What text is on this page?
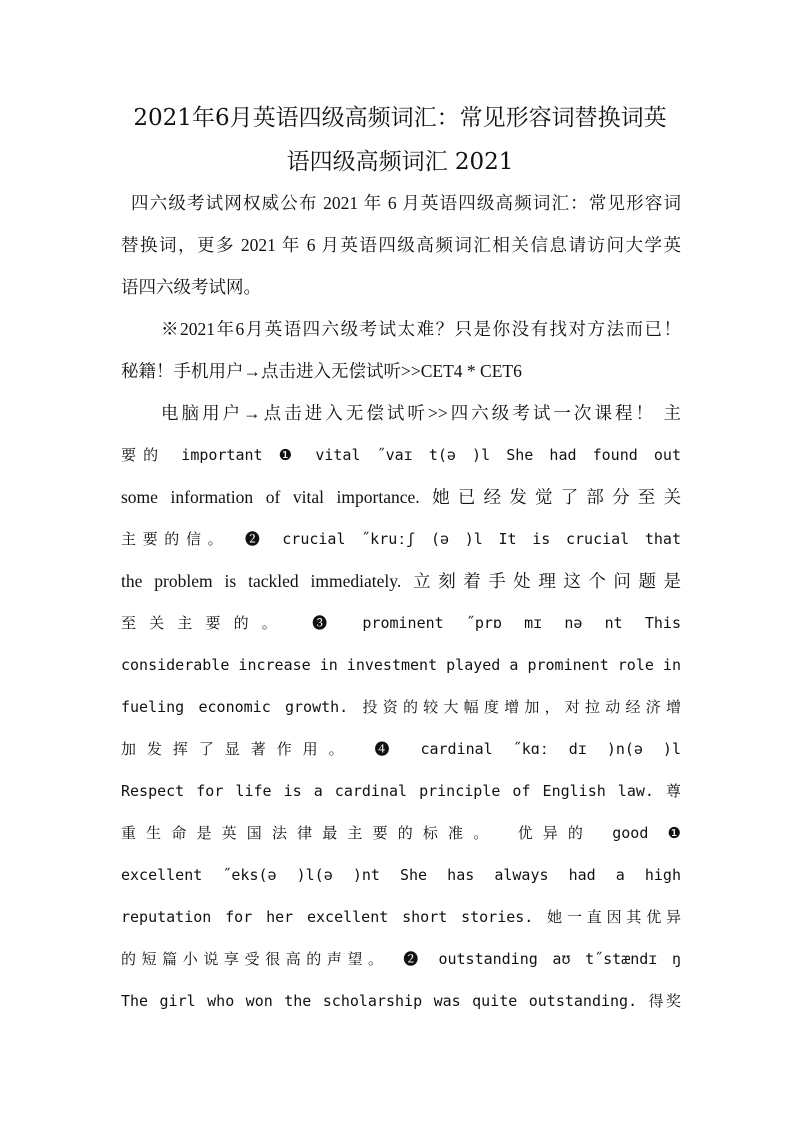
2021年6月英语四级高频词汇：常见形容词替换词英
语四级高频词汇 2021
四六级考试网权威公布 2021 年 6 月英语四级高频词汇：常见形容词
替换词，更多 2021 年 6 月英语四级高频词汇相关信息请访问大学英
语四六级考试网。
※2021年6月英语四六级考试太难？只是你没有找对方法而已！
秘籍！手机用户→点击进入无偿试听>>CET4 * CET6
电脑用户→点击进入无偿试听>>四六级考试一次课程！ 主
要的 important ❶ vital ˝vaɪ t(ə )l She had found out
some information of vital importance. 她已经发觉了部分至关
主要的信。 ❷ crucial ˝kruːʃ (ə )l It is crucial that
the problem is tackled immediately. 立刻着手处理这个问题是
至关主要的。 ❸ prominent ˝prɒ mɪ nə nt This
considerable increase in investment played a prominent role in
fueling economic growth. 投资的较大幅度增加，对拉动经济增
加发挥了显著作用。 ❹ cardinal ˝kɑː dɪ )n(ə )l
Respect for life is a cardinal principle of English law. 尊
重生命是英国法律最主要的标准。 优异的 good ❶
excellent ˝eks(ə )l(ə )nt She has always had a high
reputation for her excellent short stories. 她一直因其优异
的短篇小说享受很高的声望。 ❷ outstanding aʊ t˝stændɪ ŋ
The girl who won the scholarship was quite outstanding. 得奖
